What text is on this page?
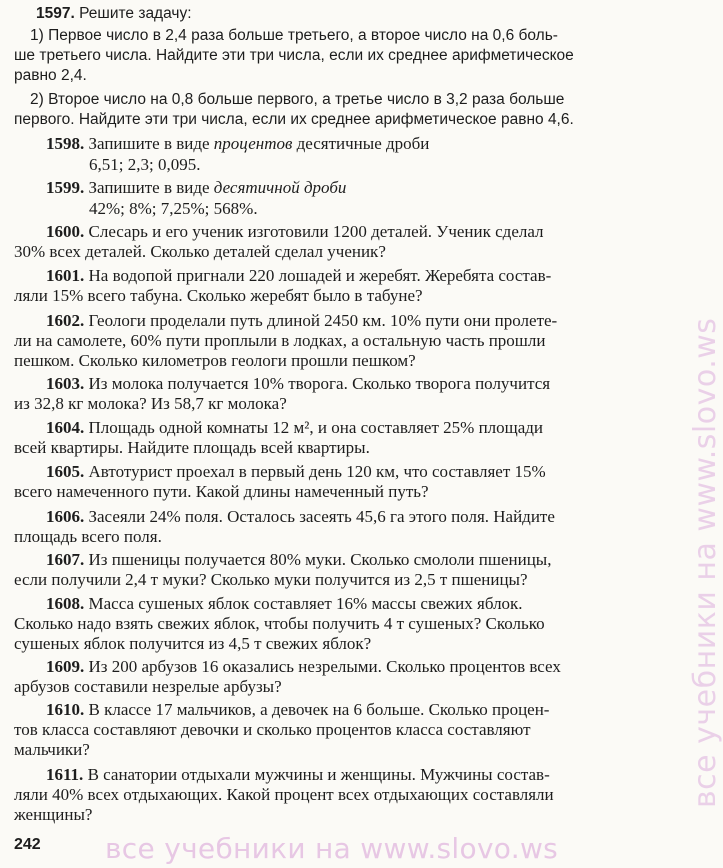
1597. Решите задачу:
1) Первое число в 2,4 раза больше третьего, а второе число на 0,6 боль-
ше третьего числа. Найдите эти три числа, если их среднее арифметическое
равно 2,4.
2) Второе число на 0,8 больше первого, а третье число в 3,2 раза больше
первого. Найдите эти три числа, если их среднее арифметическое равно 4,6.
1598. Запишите в виде процентов десятичные дроби
6,51; 2,3; 0,095.
1599. Запишите в виде десятичной дроби
42%; 8%; 7,25%; 568%.
1600. Слесарь и его ученик изготовили 1200 деталей. Ученик сделал
30% всех деталей. Сколько деталей сделал ученик?
1601. На водопой пригнали 220 лошадей и жеребят. Жеребята состав-
ляли 15% всего табуна. Сколько жеребят было в табуне?
1602. Геологи проделали путь длиной 2450 км. 10% пути они пролете-
ли на самолете, 60% пути проплыли в лодках, а остальную часть прошли
пешком. Сколько километров геологи прошли пешком?
1603. Из молока получается 10% творога. Сколько творога получится
из 32,8 кг молока? Из 58,7 кг молока?
1604. Площадь одной комнаты 12 м², и она составляет 25% площади
всей квартиры. Найдите площадь всей квартиры.
1605. Автотурист проехал в первый день 120 км, что составляет 15%
всего намеченного пути. Какой длины намеченный путь?
1606. Засеяли 24% поля. Осталось засеять 45,6 га этого поля. Найдите
площадь всего поля.
1607. Из пшеницы получается 80% муки. Сколько смололи пшеницы,
если получили 2,4 т муки? Сколько муки получится из 2,5 т пшеницы?
1608. Масса сушеных яблок составляет 16% массы свежих яблок.
Сколько надо взять свежих яблок, чтобы получить 4 т сушеных? Сколько
сушеных яблок получится из 4,5 т свежих яблок?
1609. Из 200 арбузов 16 оказались незрелыми. Сколько процентов всех
арбузов составили незрелые арбузы?
1610. В классе 17 мальчиков, а девочек на 6 больше. Сколько процен-
тов класса составляют девочки и сколько процентов класса составляют
мальчики?
1611. В санатории отдыхали мужчины и женщины. Мужчины состав-
ляли 40% всех отдыхающих. Какой процент всех отдыхающих составляли
женщины?
242 все учебники на www.slovo.ws
все учебники на www.slovo.ws
